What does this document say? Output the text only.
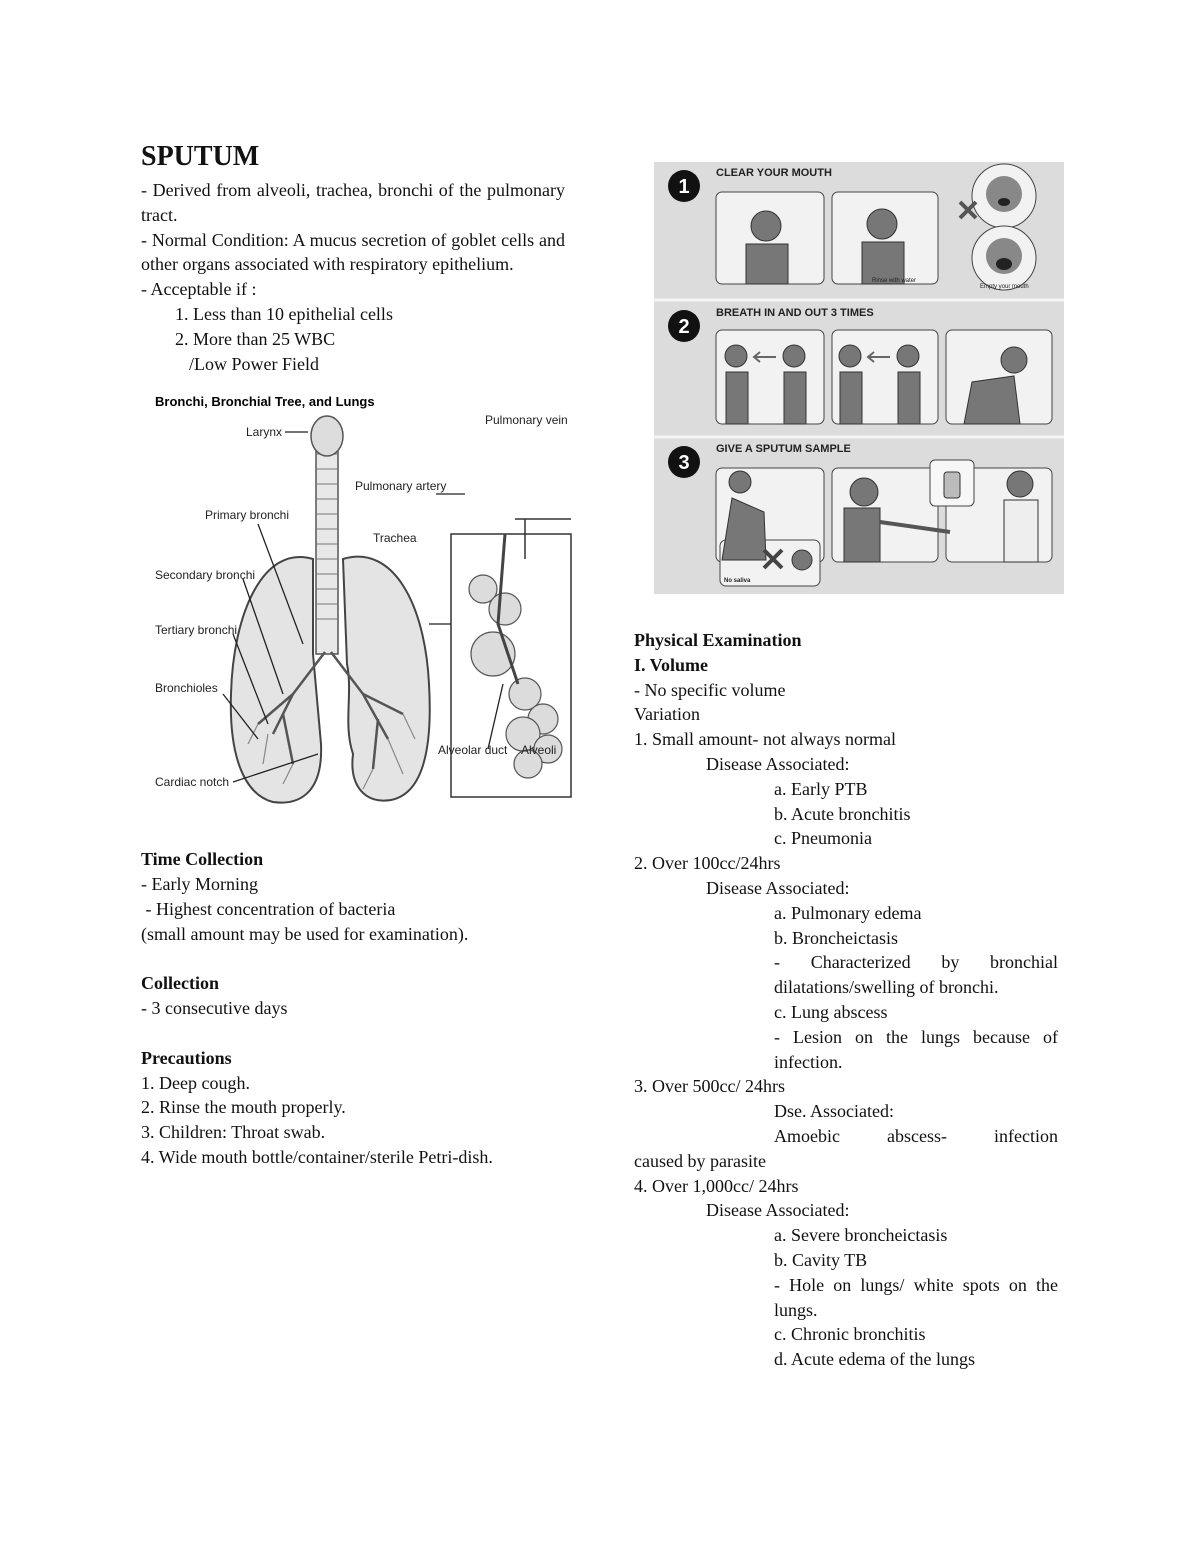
SPUTUM

- Derived from alveoli, trachea, bronchi of the pulmonary tract.

- Normal Condition: A mucus secretion of goblet cells and other organs associated with respiratory epithelium.

- Acceptable if :

1. Less than 10 epithelial cells

2. More than 25 WBC

/Low Power Field

Bronchi, Bronchial Tree, and Lungs
Larynx
Primary bronchi
Secondary bronchi
Tertiary bronchi
Bronchioles
Cardiac notch
Pulmonary vein
Pulmonary artery
Trachea
Alveolar duct Alveoli

Time Collection

- Early Morning

- Highest concentration of bacteria

(small amount may be used for examination).

Collection

- 3 consecutive days

Precautions

1. Deep cough.

2. Rinse the mouth properly.

3. Children: Throat swab.

4. Wide mouth bottle/container/sterile Petri-dish.

1
CLEAR YOUR MOUTH
Rinse with water
Empty your mouth
2
BREATH IN AND OUT 3 TIMES
3
GIVE A SPUTUM SAMPLE
No saliva

Physical Examination

I. Volume

- No specific volume

Variation

1. Small amount- not always normal

Disease Associated:

a. Early PTB

b. Acute bronchitis

c. Pneumonia

2. Over 100cc/24hrs

Disease Associated:

a. Pulmonary edema

b. Broncheictasis

- Characterized by bronchial dilatations/swelling of bronchi.

c. Lung abscess

- Lesion on the lungs because of infection.

3. Over 500cc/ 24hrs

Dse. Associated:

Amoebic abscess- infection

caused by parasite

4. Over 1,000cc/ 24hrs

Disease Associated:

a. Severe broncheictasis

b. Cavity TB

- Hole on lungs/ white spots on the lungs.

c. Chronic bronchitis

d. Acute edema of the lungs
